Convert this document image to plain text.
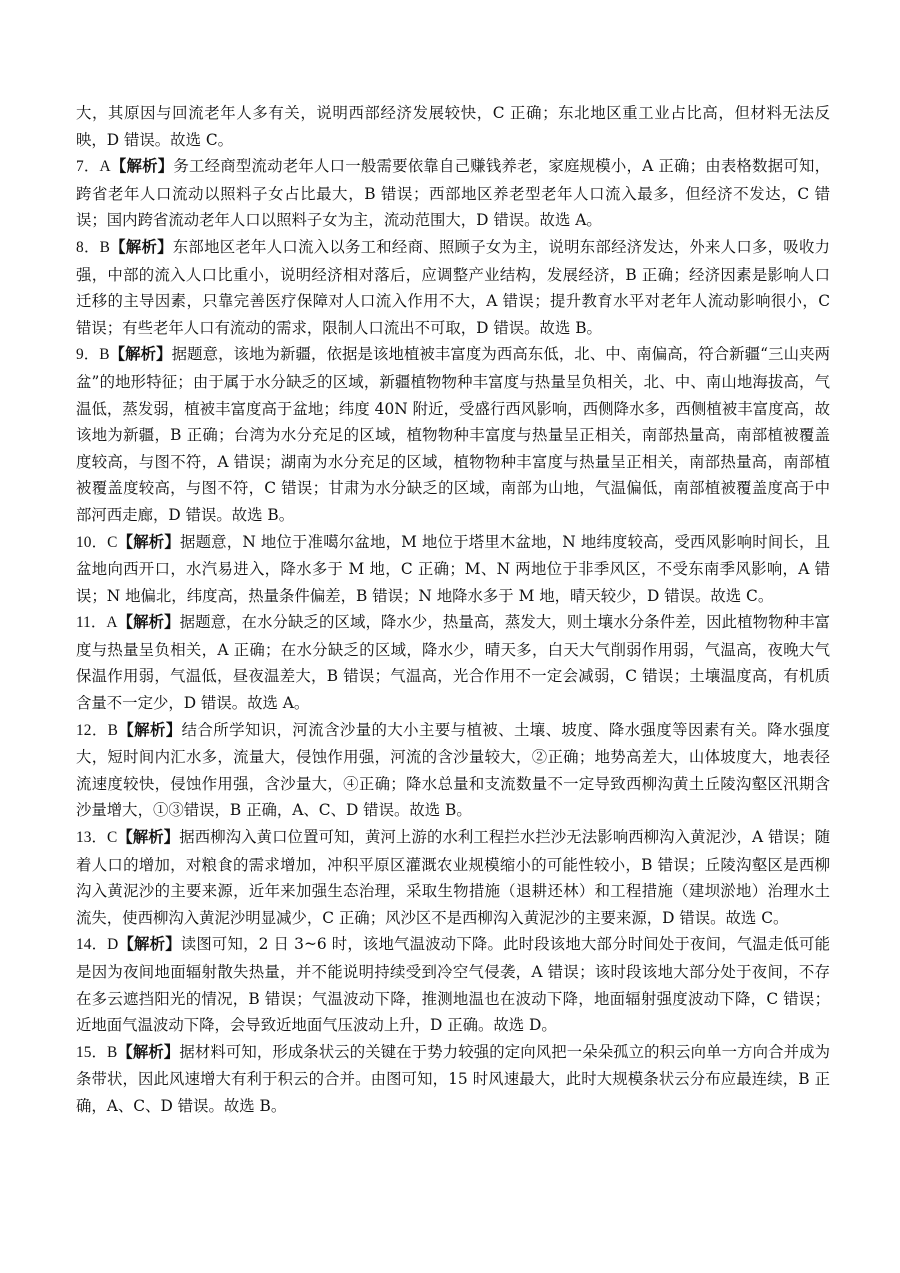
大，其原因与回流老年人多有关，说明西部经济发展较快，C 正确；东北地区重工业占比高，但材料无法反映，D 错误。故选 C。

7．A【解析】务工经商型流动老年人口一般需要依靠自己赚钱养老，家庭规模小，A 正确；由表格数据可知，跨省老年人口流动以照料子女占比最大，B 错误；西部地区养老型老年人口流入最多，但经济不发达，C 错误；国内跨省流动老年人口以照料子女为主，流动范围大，D 错误。故选 A。

8．B【解析】东部地区老年人口流入以务工和经商、照顾子女为主，说明东部经济发达，外来人口多，吸收力强，中部的流入人口比重小，说明经济相对落后，应调整产业结构，发展经济，B 正确；经济因素是影响人口迁移的主导因素，只靠完善医疗保障对人口流入作用不大，A 错误；提升教育水平对老年人流动影响很小，C 错误；有些老年人口有流动的需求，限制人口流出不可取，D 错误。故选 B。

9．B【解析】据题意，该地为新疆，依据是该地植被丰富度为西高东低，北、中、南偏高，符合新疆“三山夹两盆”的地形特征；由于属于水分缺乏的区域，新疆植物物种丰富度与热量呈负相关，北、中、南山地海拔高，气温低，蒸发弱，植被丰富度高于盆地；纬度 40N 附近，受盛行西风影响，西侧降水多，西侧植被丰富度高，故该地为新疆，B 正确；台湾为水分充足的区域，植物物种丰富度与热量呈正相关，南部热量高，南部植被覆盖度较高，与图不符，A 错误；湖南为水分充足的区域，植物物种丰富度与热量呈正相关，南部热量高，南部植被覆盖度较高，与图不符，C 错误；甘肃为水分缺乏的区域，南部为山地，气温偏低，南部植被覆盖度高于中部河西走廊，D 错误。故选 B。

10．C【解析】据题意，N 地位于准噶尔盆地，M 地位于塔里木盆地，N 地纬度较高，受西风影响时间长，且盆地向西开口，水汽易进入，降水多于 M 地，C 正确；M、N 两地位于非季风区，不受东南季风影响，A 错误；N 地偏北，纬度高，热量条件偏差，B 错误；N 地降水多于 M 地，晴天较少，D 错误。故选 C。

11．A【解析】据题意，在水分缺乏的区域，降水少，热量高，蒸发大，则土壤水分条件差，因此植物物种丰富度与热量呈负相关，A 正确；在水分缺乏的区域，降水少，晴天多，白天大气削弱作用弱，气温高，夜晚大气保温作用弱，气温低，昼夜温差大，B 错误；气温高，光合作用不一定会减弱，C 错误；土壤温度高，有机质含量不一定少，D 错误。故选 A。

12．B【解析】结合所学知识，河流含沙量的大小主要与植被、土壤、坡度、降水强度等因素有关。降水强度大，短时间内汇水多，流量大，侵蚀作用强，河流的含沙量较大，②正确；地势高差大，山体坡度大，地表径流速度较快，侵蚀作用强，含沙量大，④正确；降水总量和支流数量不一定导致西柳沟黄土丘陵沟壑区汛期含沙量增大，①③错误，B 正确，A、C、D 错误。故选 B。

13．C【解析】据西柳沟入黄口位置可知，黄河上游的水利工程拦水拦沙无法影响西柳沟入黄泥沙，A 错误；随着人口的增加，对粮食的需求增加，冲积平原区灌溉农业规模缩小的可能性较小，B 错误；丘陵沟壑区是西柳沟入黄泥沙的主要来源，近年来加强生态治理，采取生物措施（退耕还林）和工程措施（建坝淤地）治理水土流失，使西柳沟入黄泥沙明显减少，C 正确；风沙区不是西柳沟入黄泥沙的主要来源，D 错误。故选 C。

14．D【解析】读图可知，2 日 3~6 时，该地气温波动下降。此时段该地大部分时间处于夜间，气温走低可能是因为夜间地面辐射散失热量，并不能说明持续受到冷空气侵袭，A 错误；该时段该地大部分处于夜间，不存在多云遮挡阳光的情况，B 错误；气温波动下降，推测地温也在波动下降，地面辐射强度波动下降，C 错误；近地面气温波动下降，会导致近地面气压波动上升，D 正确。故选 D。

15．B【解析】据材料可知，形成条状云的关键在于势力较强的定向风把一朵朵孤立的积云向单一方向合并成为条带状，因此风速增大有利于积云的合并。由图可知，15 时风速最大，此时大规模条状云分布应最连续，B 正确，A、C、D 错误。故选 B。
